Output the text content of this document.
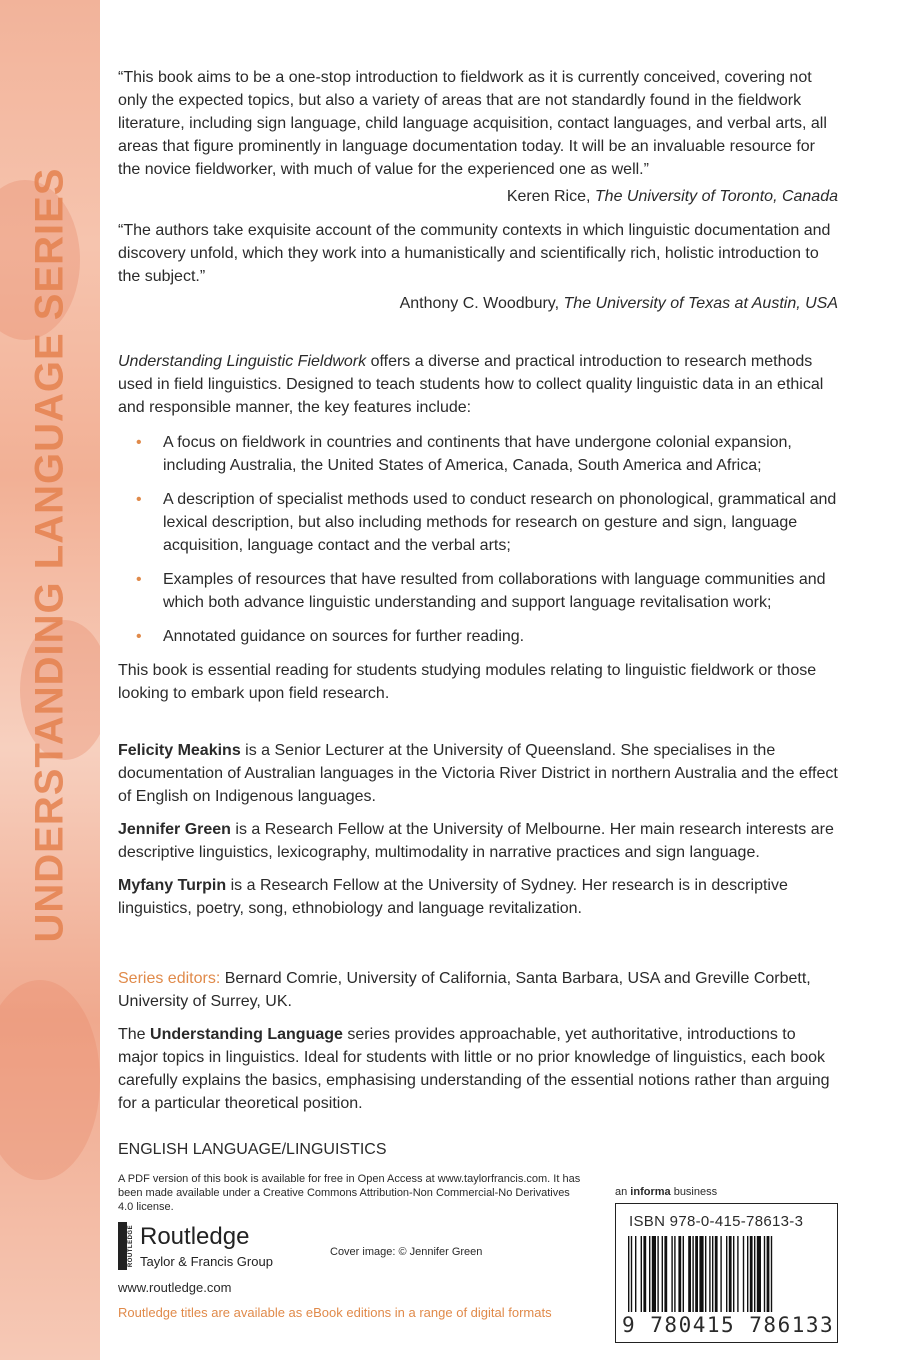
UNDERSTANDING LANGUAGE SERIES

“This book aims to be a one-stop introduction to fieldwork as it is currently conceived, covering not only the expected topics, but also a variety of areas that are not standardly found in the fieldwork literature, including sign language, child language acquisition, contact languages, and verbal arts, all areas that figure prominently in language documentation today. It will be an invaluable resource for the novice fieldworker, with much of value for the experienced one as well.”

Keren Rice, The University of Toronto, Canada

“The authors take exquisite account of the community contexts in which linguistic documentation and discovery unfold, which they work into a humanistically and scientifically rich, holistic introduction to the subject.”

Anthony C. Woodbury, The University of Texas at Austin, USA

Understanding Linguistic Fieldwork offers a diverse and practical introduction to research methods used in field linguistics. Designed to teach students how to collect quality linguistic data in an ethical and responsible manner, the key features include:

• A focus on fieldwork in countries and continents that have undergone colonial expansion, including Australia, the United States of America, Canada, South America and Africa;
• A description of specialist methods used to conduct research on phonological, grammatical and lexical description, but also including methods for research on gesture and sign, language acquisition, language contact and the verbal arts;
• Examples of resources that have resulted from collaborations with language communities and which both advance linguistic understanding and support language revitalisation work;
• Annotated guidance on sources for further reading.

This book is essential reading for students studying modules relating to linguistic fieldwork or those looking to embark upon field research.

Felicity Meakins is a Senior Lecturer at the University of Queensland. She specialises in the documentation of Australian languages in the Victoria River District in northern Australia and the effect of English on Indigenous languages.

Jennifer Green is a Research Fellow at the University of Melbourne. Her main research interests are descriptive linguistics, lexicography, multimodality in narrative practices and sign language.

Myfany Turpin is a Research Fellow at the University of Sydney. Her research is in descriptive linguistics, poetry, song, ethnobiology and language revitalization.

Series editors: Bernard Comrie, University of California, Santa Barbara, USA and Greville Corbett, University of Surrey, UK.

The Understanding Language series provides approachable, yet authoritative, introductions to major topics in linguistics. Ideal for students with little or no prior knowledge of linguistics, each book carefully explains the basics, emphasising understanding of the essential notions rather than arguing for a particular theoretical position.

ENGLISH LANGUAGE/LINGUISTICS
A PDF version of this book is available for free in Open Access at www.taylorfrancis.com. It has been made available under a Creative Commons Attribution-Non Commercial-No Derivatives 4.0 license.
ROUTLEDGE Routledge
Taylor & Francis Group
Cover image: © Jennifer Green
www.routledge.com
Routledge titles are available as eBook editions in a range of digital formats
an informa business
ISBN 978-0-415-78613-3
9 780415 786133
